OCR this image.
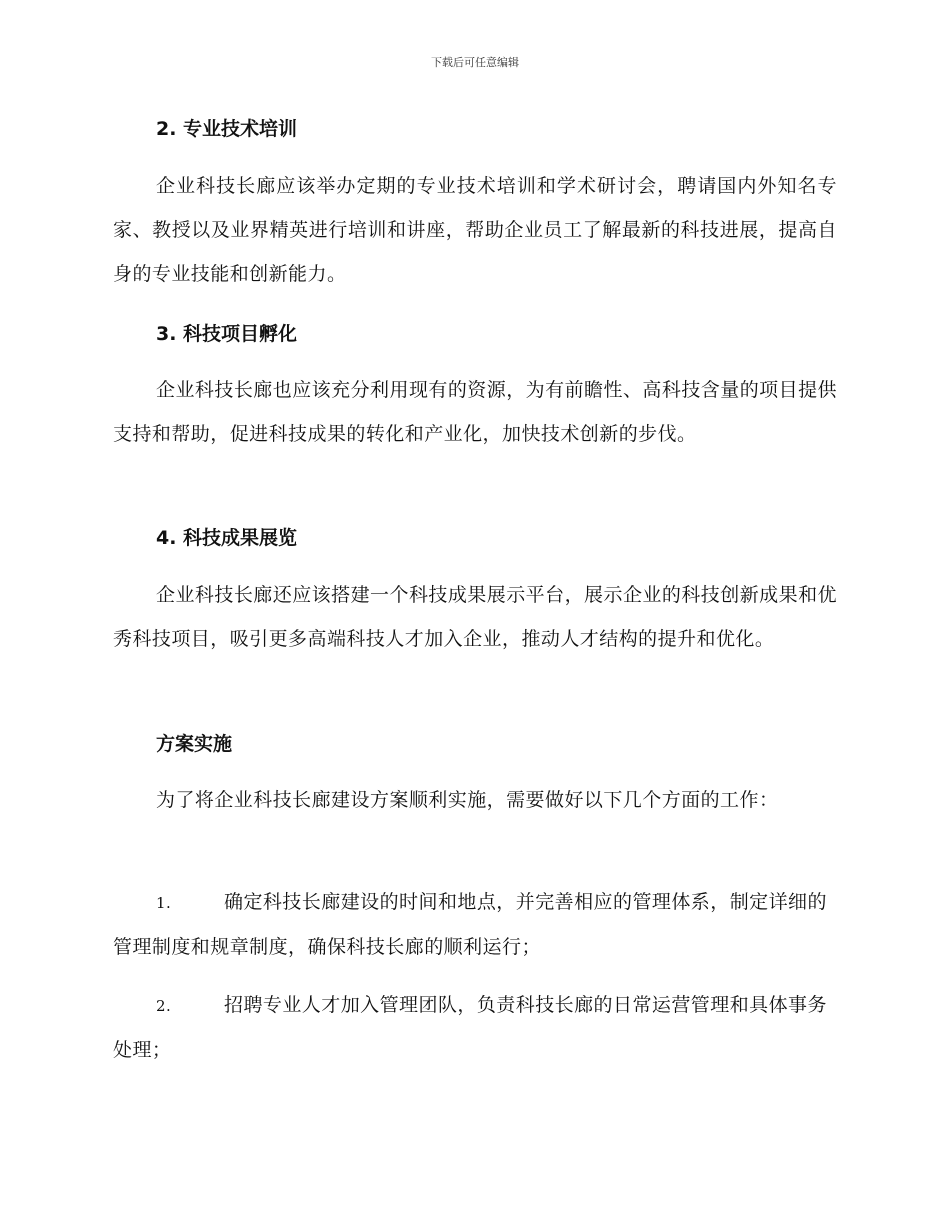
下载后可任意编辑
2. 专业技术培训
企业科技长廊应该举办定期的专业技术培训和学术研讨会，聘请国内外知名专家、教授以及业界精英进行培训和讲座，帮助企业员工了解最新的科技进展，提高自身的专业技能和创新能力。
3. 科技项目孵化
企业科技长廊也应该充分利用现有的资源，为有前瞻性、高科技含量的项目提供支持和帮助，促进科技成果的转化和产业化，加快技术创新的步伐。
4. 科技成果展览
企业科技长廊还应该搭建一个科技成果展示平台，展示企业的科技创新成果和优秀科技项目，吸引更多高端科技人才加入企业，推动人才结构的提升和优化。
方案实施
为了将企业科技长廊建设方案顺利实施，需要做好以下几个方面的工作：
1.	确定科技长廊建设的时间和地点，并完善相应的管理体系，制定详细的管理制度和规章制度，确保科技长廊的顺利运行；
2.	招聘专业人才加入管理团队，负责科技长廊的日常运营管理和具体事务处理；
